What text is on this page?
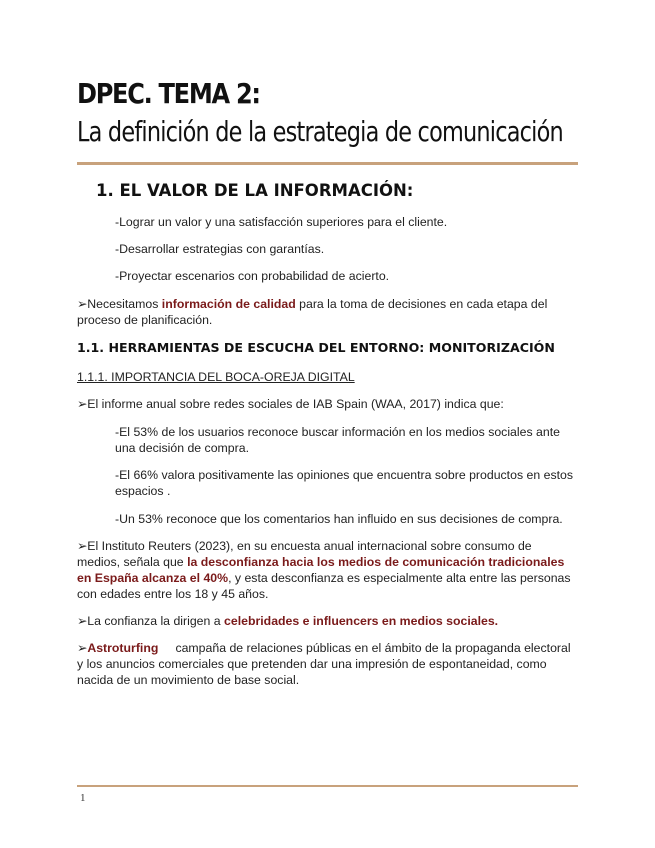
DPEC. TEMA 2:
La definición de la estrategia de comunicación
1. EL VALOR DE LA INFORMACIÓN:

-Lograr un valor y una satisfacción superiores para el cliente.

-Desarrollar estrategias con garantías.

-Proyectar escenarios con probabilidad de acierto.

➢Necesitamos información de calidad para la toma de decisiones en cada etapa del proceso de planificación.

1.1. HERRAMIENTAS DE ESCUCHA DEL ENTORNO: MONITORIZACIÓN

1.1.1. IMPORTANCIA DEL BOCA-OREJA DIGITAL

➢El informe anual sobre redes sociales de IAB Spain (WAA, 2017) indica que:

-El 53% de los usuarios reconoce buscar información en los medios sociales ante una decisión de compra.

-El 66% valora positivamente las opiniones que encuentra sobre productos en estos espacios .

-Un 53% reconoce que los comentarios han influido en sus decisiones de compra.

➢El Instituto Reuters (2023), en su encuesta anual internacional sobre consumo de medios, señala que la desconfianza hacia los medios de comunicación tradicionales en España alcanza el 40%, y esta desconfianza es especialmente alta entre las personas con edades entre los 18 y 45 años.

➢La confianza la dirigen a celebridades e influencers en medios sociales.

➢Astroturfing     campaña de relaciones públicas en el ámbito de la propaganda electoral y los anuncios comerciales que pretenden dar una impresión de espontaneidad, como nacida de un movimiento de base social.

1
